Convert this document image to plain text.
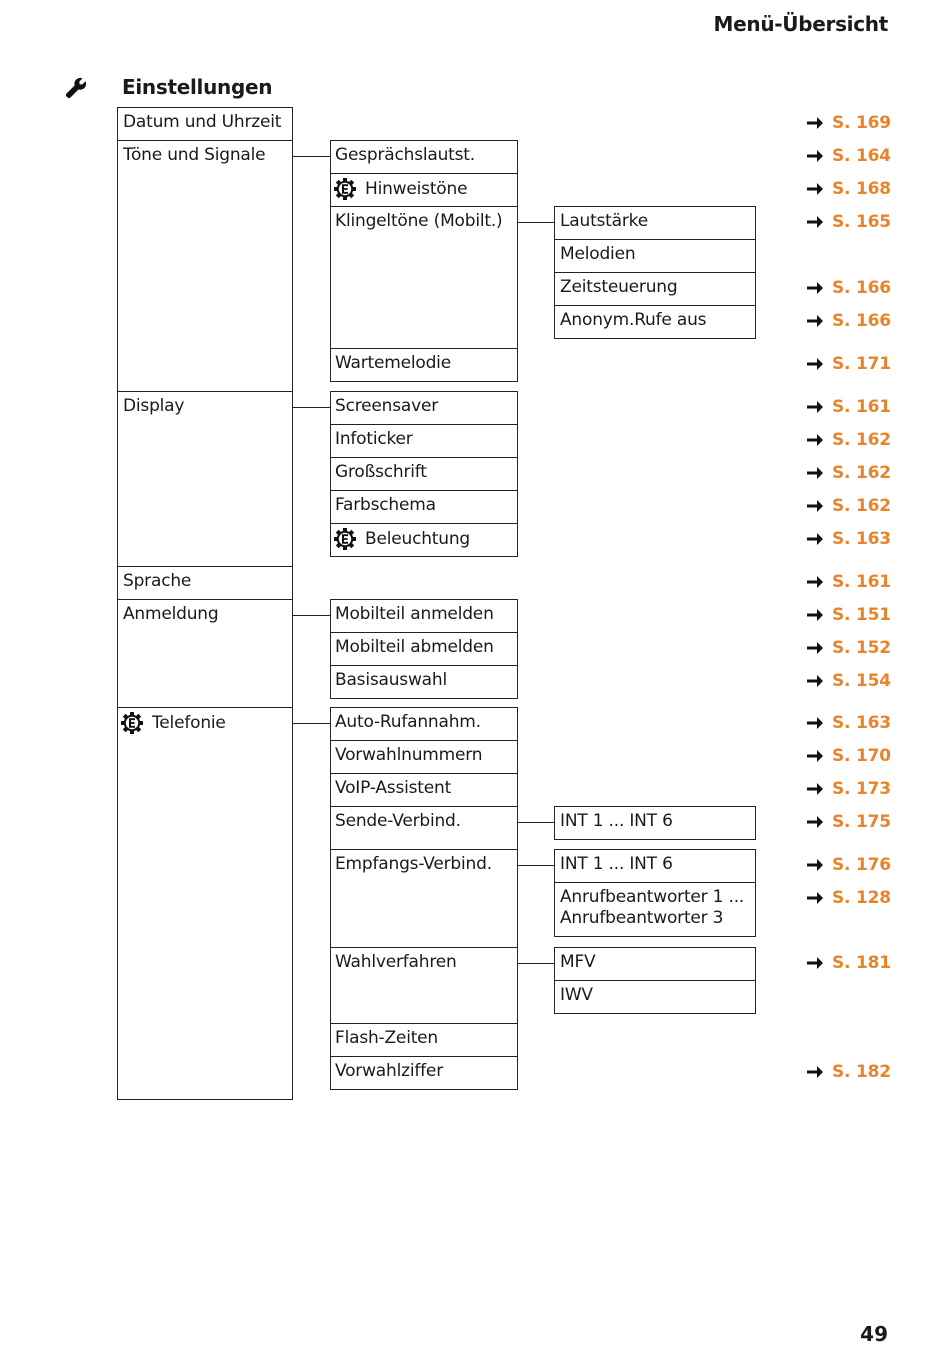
Menü-Übersicht
Einstellungen
Datum und Uhrzeit
Töne und Signale
Display
Sprache
Anmeldung
Telefonie
Gesprächslautst.
Hinweistöne
Klingeltöne (Mobilt.)
Wartemelodie
Screensaver
Infoticker
Großschrift
Farbschema
Beleuchtung
Mobilteil anmelden
Mobilteil abmelden
Basisauswahl
Auto-Rufannahm.
Vorwahlnummern
VoIP-Assistent
Sende-Verbind.
Empfangs-Verbind.
Wahlverfahren
Flash-Zeiten
Vorwahlziffer
Lautstärke
Melodien
Zeitsteuerung
Anonym.Rufe aus
INT 1 ... INT 6
INT 1 ... INT 6
Anrufbeantworter 1 ...
Anrufbeantworter 3
MFV
IWV
S. 169
S. 164
S. 168
S. 165
S. 166
S. 166
S. 171
S. 161
S. 162
S. 162
S. 162
S. 163
S. 161
S. 151
S. 152
S. 154
S. 163
S. 170
S. 173
S. 175
S. 176
S. 128
S. 181
S. 182
49
